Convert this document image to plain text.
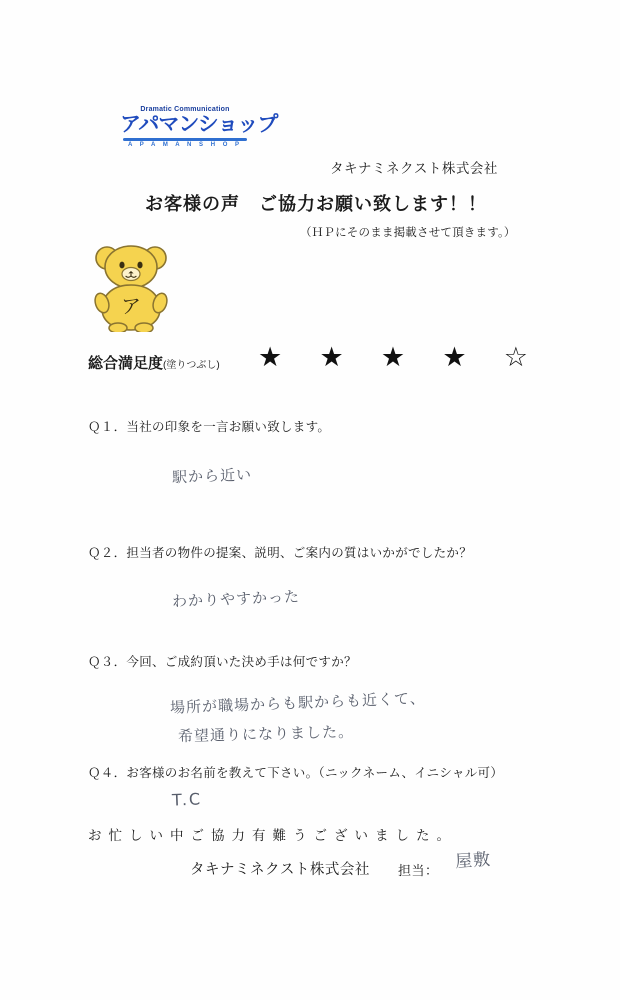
Dramatic Communication
アパマンショップ
A P A M A N S H O P
タキナミネクスト株式会社
お客様の声　ご協力お願い致します！！
（ＨＰにそのまま掲載させて頂きます。）
ア
総合満足度(塗りつぶし) ★ ★ ★ ★ ☆
Ｑ１．当社の印象を一言お願い致します。
駅から近い
Ｑ２．担当者の物件の提案、説明、ご案内の質はいかがでしたか？
わかりやすかった
Ｑ３．今回、ご成約頂いた決め手は何ですか？
場所が職場からも駅からも近くて、
希望通りになりました。
Ｑ４．お客様のお名前を教えて下さい。（ニックネーム、イニシャル可）
T.C
お忙しい中ご協力有難うございました。
タキナミネクスト株式会社 担当： 屋敷
